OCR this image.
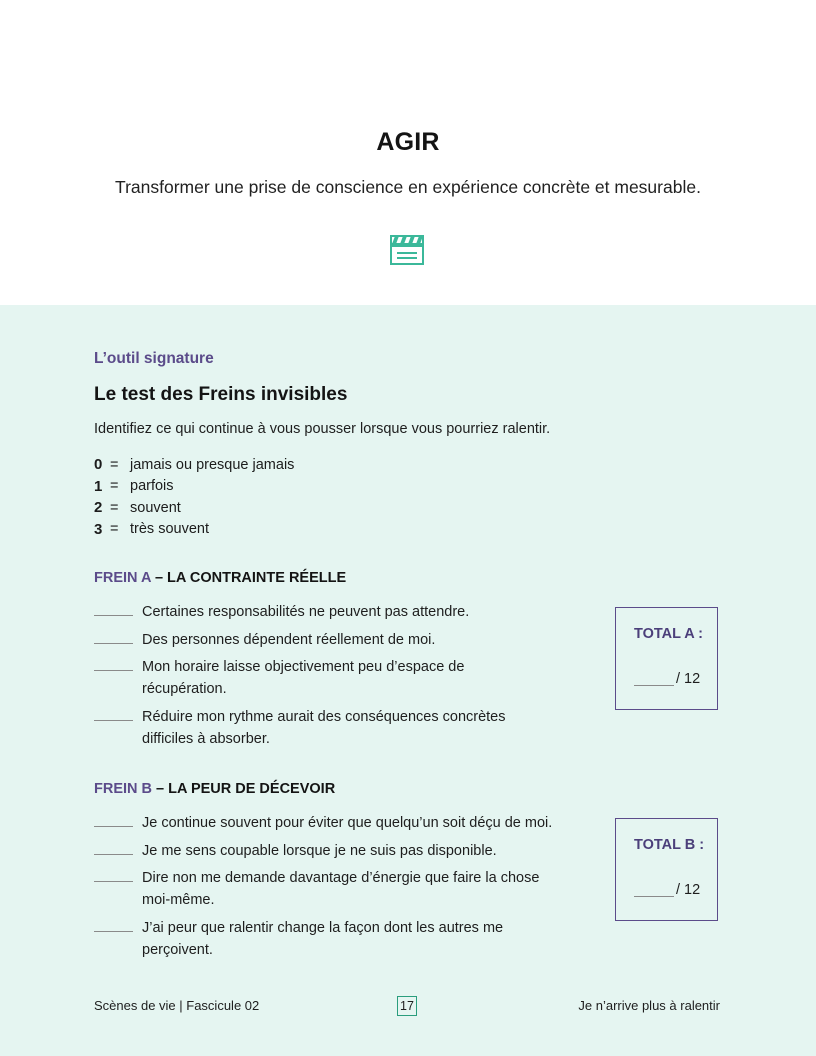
AGIR
Transformer une prise de conscience en expérience concrète et mesurable.
L’outil signature
Le test des Freins invisibles
Identifiez ce qui continue à vous pousser lorsque vous pourriez ralentir.
0 = jamais ou presque jamais
1 = parfois
2 = souvent
3 = très souvent
FREIN A – LA CONTRAINTE RÉELLE
Certaines responsabilités ne peuvent pas attendre.
Des personnes dépendent réellement de moi.
Mon horaire laisse objectivement peu d’espace de récupération.
Réduire mon rythme aurait des conséquences concrètes difficiles à absorber.
TOTAL A :
/ 12
FREIN B – LA PEUR DE DÉCEVOIR
Je continue souvent pour éviter que quelqu’un soit déçu de moi.
Je me sens coupable lorsque je ne suis pas disponible.
Dire non me demande davantage d’énergie que faire la chose moi-même.
J’ai peur que ralentir change la façon dont les autres me perçoivent.
TOTAL B :
/ 12
Scènes de vie | Fascicule 02	17	Je n’arrive plus à ralentir
